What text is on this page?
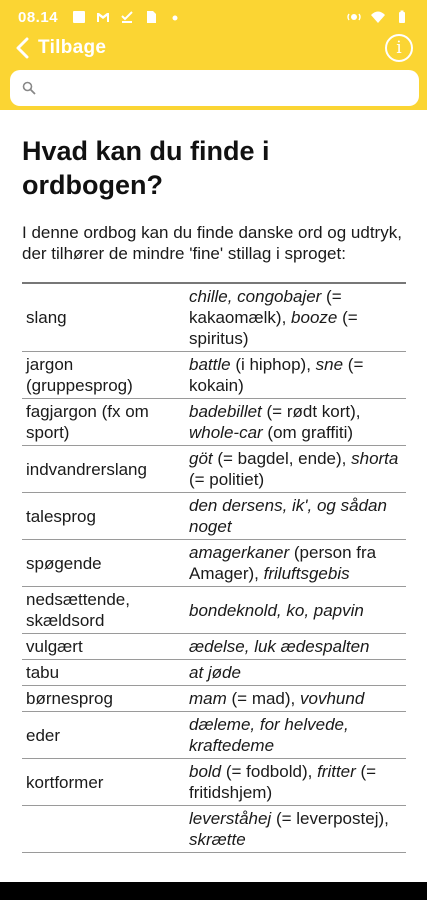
08.14
Tilbage	i
Hvad kan du finde i ordbogen?

I denne ordbog kan du finde danske ord og udtryk, der tilhører de mindre 'fine' stillag i sproget:

slang	chille, congobajer (= kakaomælk), booze (= spiritus)
jargon (gruppesprog)	battle (i hiphop), sne (= kokain)
fagjargon (fx om sport)	badebillet (= rødt kort), whole-car (om graffiti)
indvandrerslang	göt (= bagdel, ende), shorta (= politiet)
talesprog	den dersens, ik', og sådan noget
spøgende	amagerkaner (person fra Amager), friluftsgebis
nedsættende, skældsord	bondeknold, ko, papvin
vulgært	ædelse, luk ædespalten
tabu	at jøde
børnesprog	mam (= mad), vovhund
eder	dæleme, for helvede, kraftedeme
kortformer	bold (= fodbold), fritter (= fritidshjem)
	leverståhej (= leverpostej), skrætte
